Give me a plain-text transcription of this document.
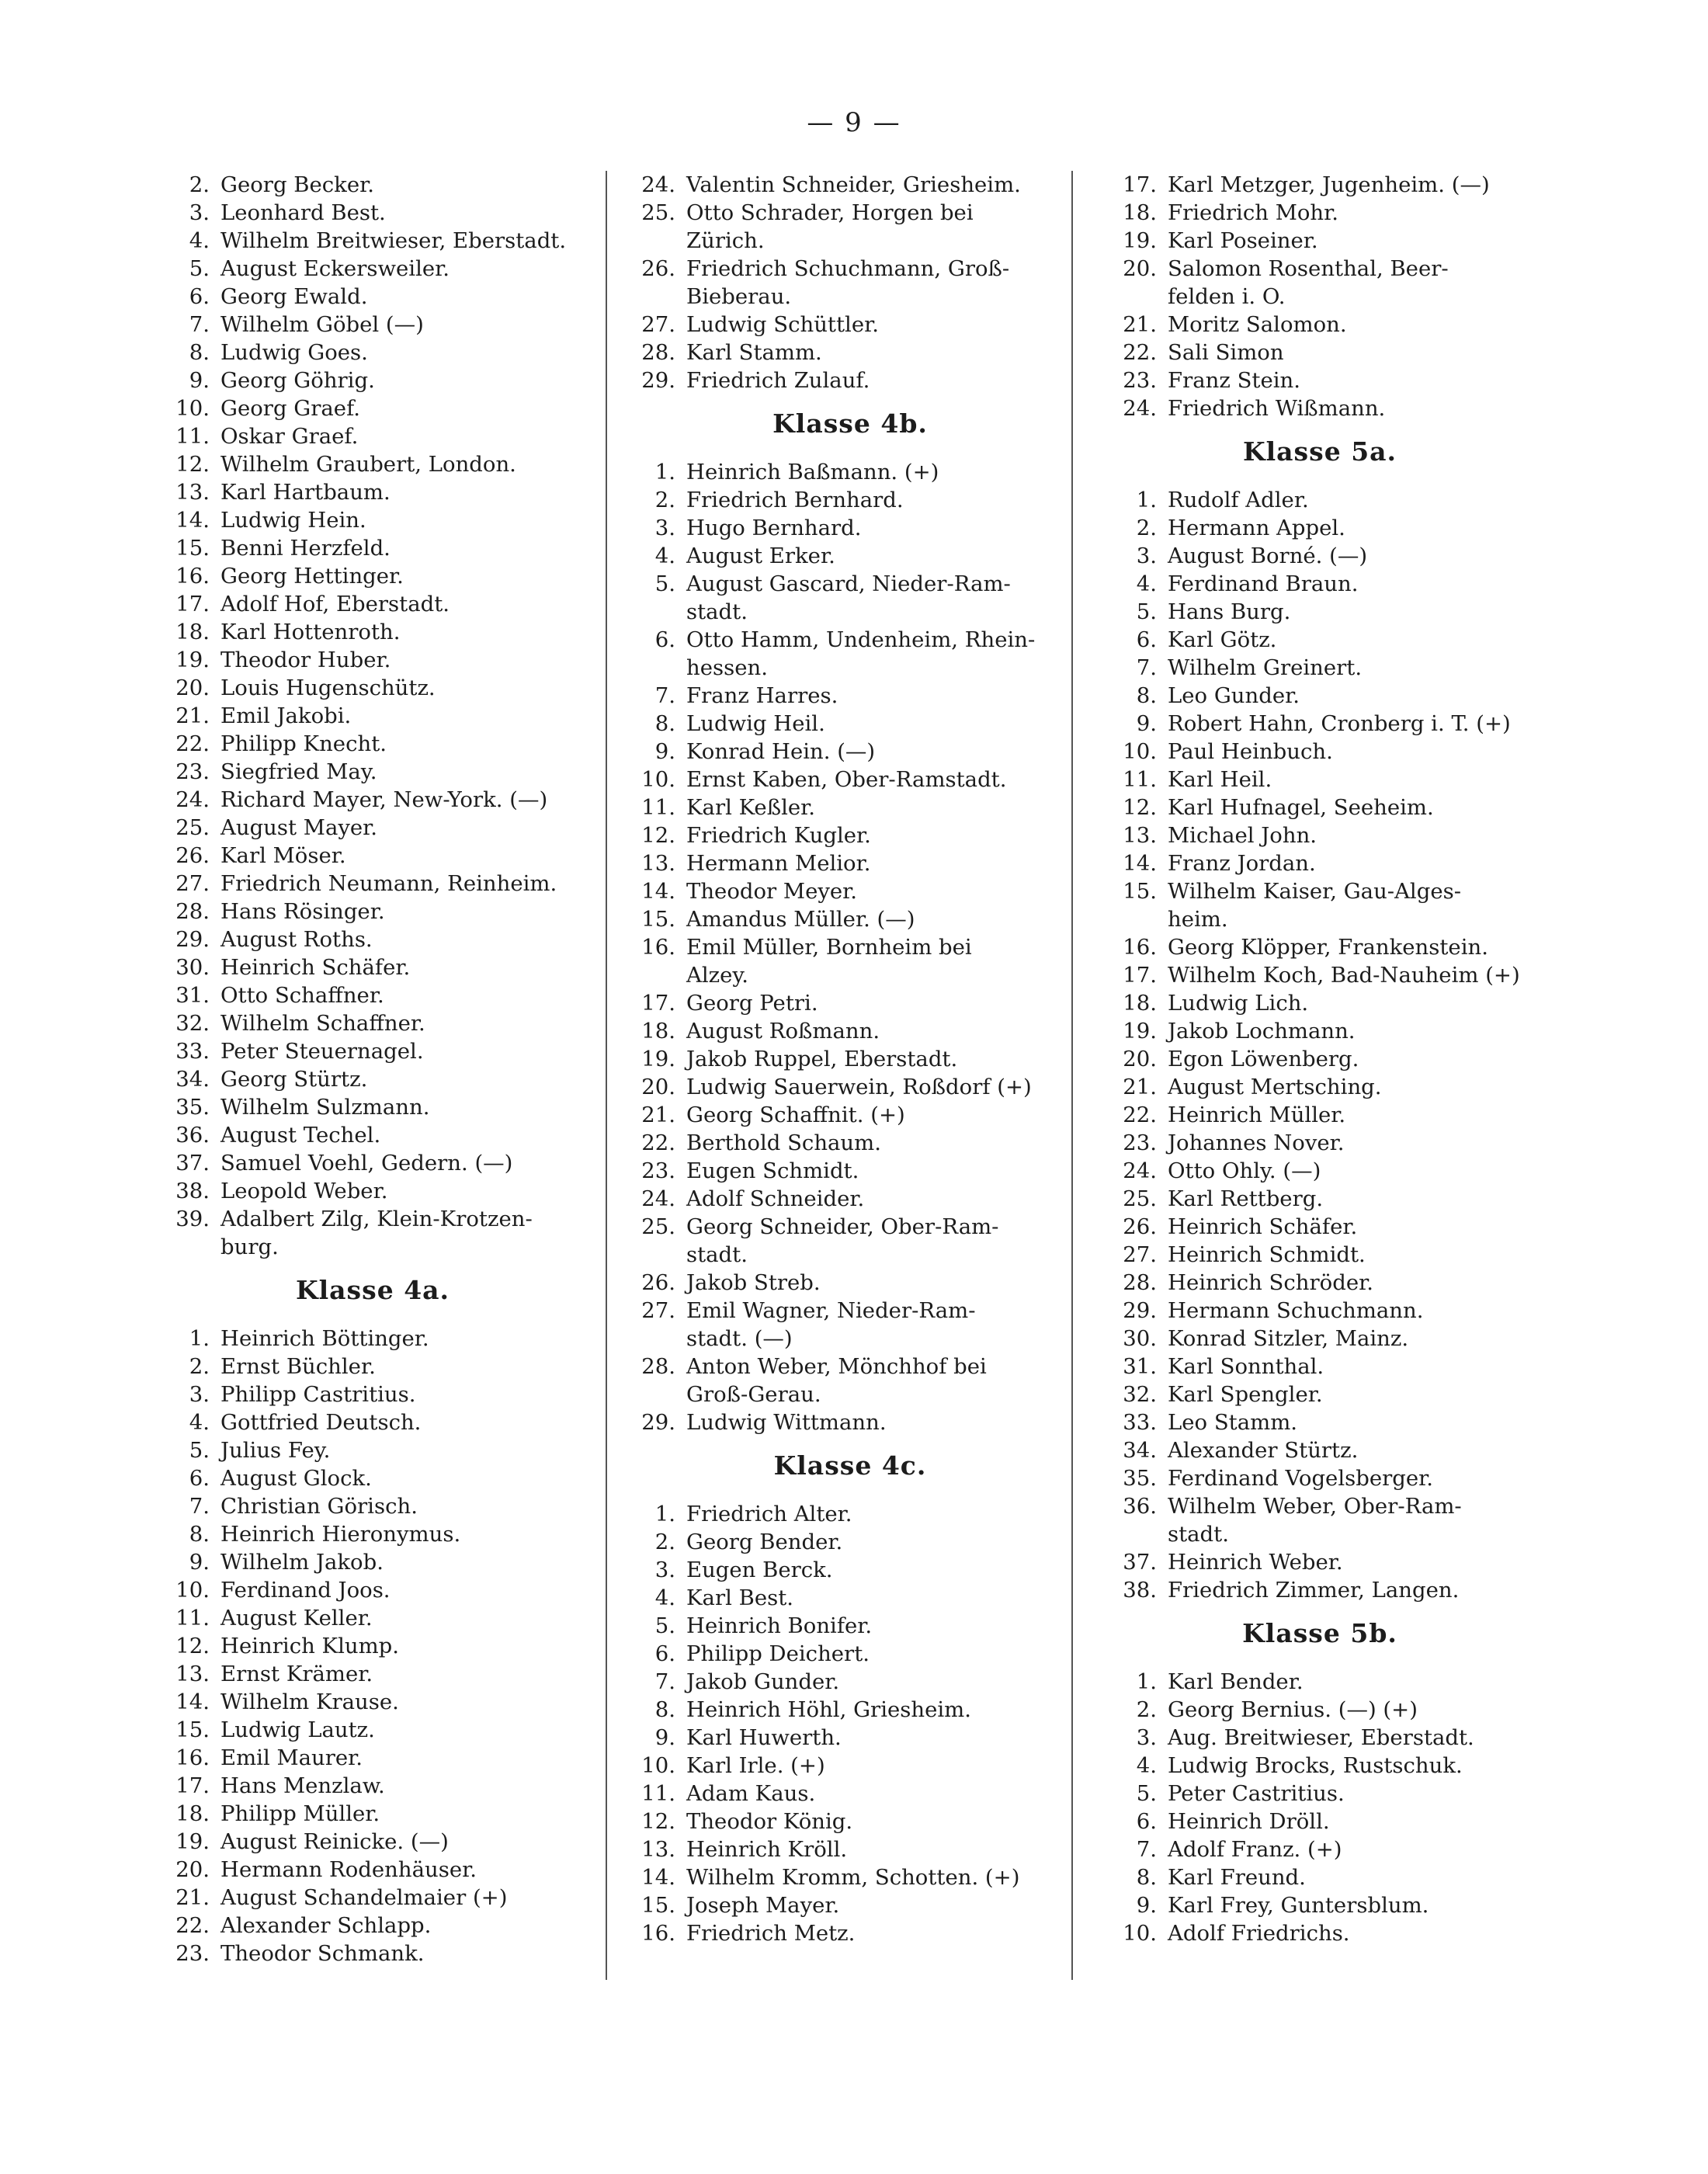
— 9 —
2. Georg Becker.
3. Leonhard Best.
4. Wilhelm Breitwieser, Eberstadt.
5. August Eckersweiler.
6. Georg Ewald.
7. Wilhelm Göbel (—)
8. Ludwig Goes.
9. Georg Göhrig.
10. Georg Graef.
11. Oskar Graef.
12. Wilhelm Graubert, London.
13. Karl Hartbaum.
14. Ludwig Hein.
15. Benni Herzfeld.
16. Georg Hettinger.
17. Adolf Hof, Eberstadt.
18. Karl Hottenroth.
19. Theodor Huber.
20. Louis Hugenschütz.
21. Emil Jakobi.
22. Philipp Knecht.
23. Siegfried May.
24. Richard Mayer, New-York. (—)
25. August Mayer.
26. Karl Möser.
27. Friedrich Neumann, Reinheim.
28. Hans Rösinger.
29. August Roths.
30. Heinrich Schäfer.
31. Otto Schaffner.
32. Wilhelm Schaffner.
33. Peter Steuernagel.
34. Georg Stürtz.
35. Wilhelm Sulzmann.
36. August Techel.
37. Samuel Voehl, Gedern. (—)
38. Leopold Weber.
39. Adalbert Zilg, Klein-Krotzen-
burg.
Klasse 4a.
1. Heinrich Böttinger.
2. Ernst Büchler.
3. Philipp Castritius.
4. Gottfried Deutsch.
5. Julius Fey.
6. August Glock.
7. Christian Görisch.
8. Heinrich Hieronymus.
9. Wilhelm Jakob.
10. Ferdinand Joos.
11. August Keller.
12. Heinrich Klump.
13. Ernst Krämer.
14. Wilhelm Krause.
15. Ludwig Lautz.
16. Emil Maurer.
17. Hans Menzlaw.
18. Philipp Müller.
19. August Reinicke. (—)
20. Hermann Rodenhäuser.
21. August Schandelmaier (+)
22. Alexander Schlapp.
23. Theodor Schmank.
24. Valentin Schneider, Griesheim.
25. Otto Schrader, Horgen bei
Zürich.
26. Friedrich Schuchmann, Groß-
Bieberau.
27. Ludwig Schüttler.
28. Karl Stamm.
29. Friedrich Zulauf.
Klasse 4b.
1. Heinrich Baßmann. (+)
2. Friedrich Bernhard.
3. Hugo Bernhard.
4. August Erker.
5. August Gascard, Nieder-Ram-
stadt.
6. Otto Hamm, Undenheim, Rhein-
hessen.
7. Franz Harres.
8. Ludwig Heil.
9. Konrad Hein. (—)
10. Ernst Kaben, Ober-Ramstadt.
11. Karl Keßler.
12. Friedrich Kugler.
13. Hermann Melior.
14. Theodor Meyer.
15. Amandus Müller. (—)
16. Emil Müller, Bornheim bei
Alzey.
17. Georg Petri.
18. August Roßmann.
19. Jakob Ruppel, Eberstadt.
20. Ludwig Sauerwein, Roßdorf (+)
21. Georg Schaffnit. (+)
22. Berthold Schaum.
23. Eugen Schmidt.
24. Adolf Schneider.
25. Georg Schneider, Ober-Ram-
stadt.
26. Jakob Streb.
27. Emil Wagner, Nieder-Ram-
stadt. (—)
28. Anton Weber, Mönchhof bei
Groß-Gerau.
29. Ludwig Wittmann.
Klasse 4c.
1. Friedrich Alter.
2. Georg Bender.
3. Eugen Berck.
4. Karl Best.
5. Heinrich Bonifer.
6. Philipp Deichert.
7. Jakob Gunder.
8. Heinrich Höhl, Griesheim.
9. Karl Huwerth.
10. Karl Irle. (+)
11. Adam Kaus.
12. Theodor König.
13. Heinrich Kröll.
14. Wilhelm Kromm, Schotten. (+)
15. Joseph Mayer.
16. Friedrich Metz.
17. Karl Metzger, Jugenheim. (—)
18. Friedrich Mohr.
19. Karl Poseiner.
20. Salomon Rosenthal, Beer-
felden i. O.
21. Moritz Salomon.
22. Sali Simon
23. Franz Stein.
24. Friedrich Wißmann.
Klasse 5a.
1. Rudolf Adler.
2. Hermann Appel.
3. August Borné. (—)
4. Ferdinand Braun.
5. Hans Burg.
6. Karl Götz.
7. Wilhelm Greinert.
8. Leo Gunder.
9. Robert Hahn, Cronberg i. T. (+)
10. Paul Heinbuch.
11. Karl Heil.
12. Karl Hufnagel, Seeheim.
13. Michael John.
14. Franz Jordan.
15. Wilhelm Kaiser, Gau-Alges-
heim.
16. Georg Klöpper, Frankenstein.
17. Wilhelm Koch, Bad-Nauheim (+)
18. Ludwig Lich.
19. Jakob Lochmann.
20. Egon Löwenberg.
21. August Mertsching.
22. Heinrich Müller.
23. Johannes Nover.
24. Otto Ohly. (—)
25. Karl Rettberg.
26. Heinrich Schäfer.
27. Heinrich Schmidt.
28. Heinrich Schröder.
29. Hermann Schuchmann.
30. Konrad Sitzler, Mainz.
31. Karl Sonnthal.
32. Karl Spengler.
33. Leo Stamm.
34. Alexander Stürtz.
35. Ferdinand Vogelsberger.
36. Wilhelm Weber, Ober-Ram-
stadt.
37. Heinrich Weber.
38. Friedrich Zimmer, Langen.
Klasse 5b.
1. Karl Bender.
2. Georg Bernius. (—) (+)
3. Aug. Breitwieser, Eberstadt.
4. Ludwig Brocks, Rustschuk.
5. Peter Castritius.
6. Heinrich Dröll.
7. Adolf Franz. (+)
8. Karl Freund.
9. Karl Frey, Guntersblum.
10. Adolf Friedrichs.
